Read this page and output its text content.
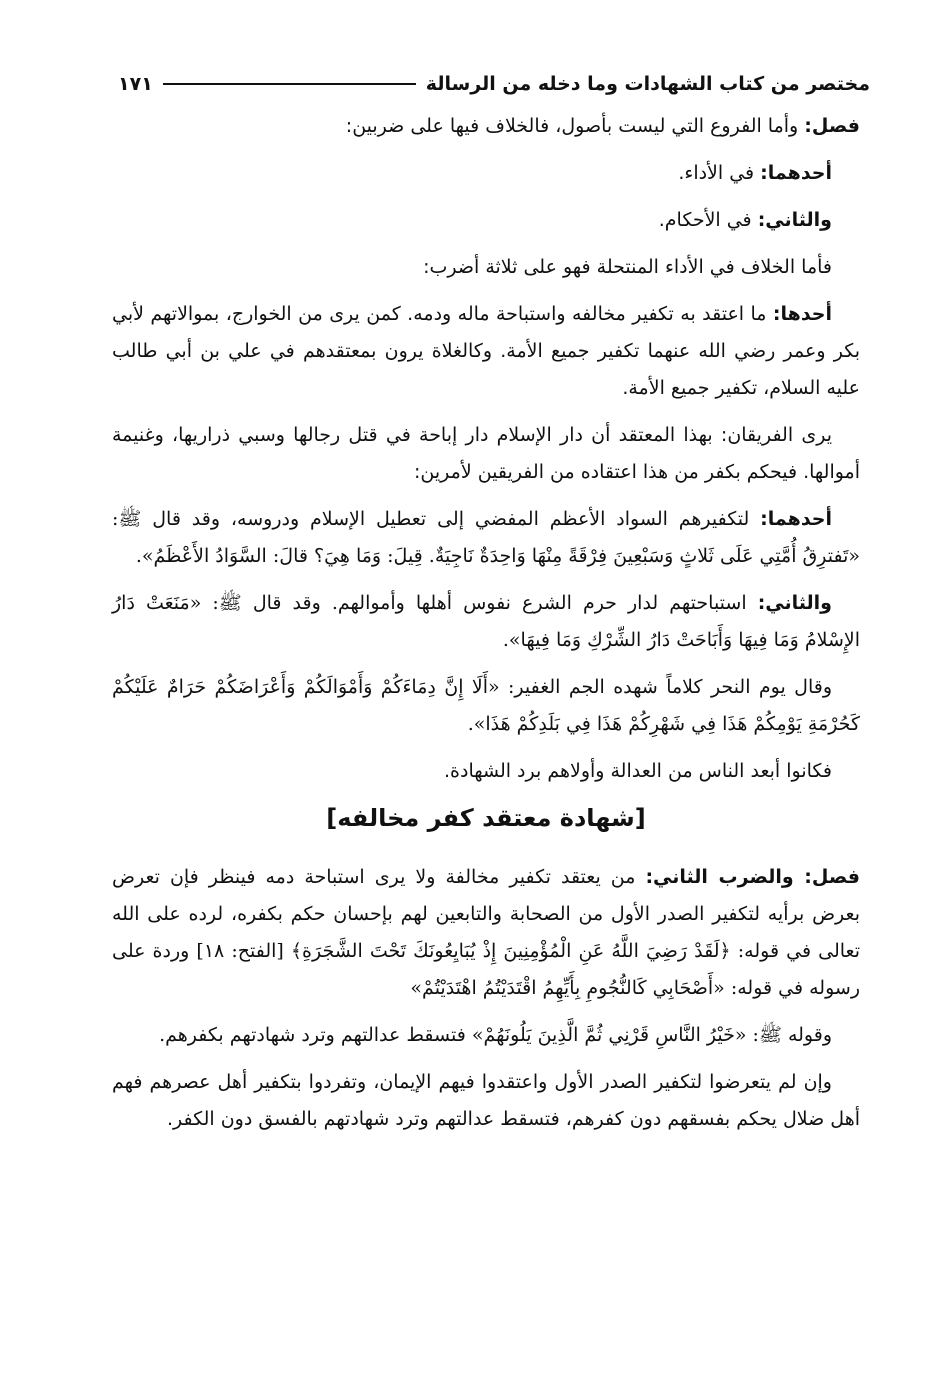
مختصر من كتاب الشهادات وما دخله من الرسالة
١٧١

فصل: وأما الفروع التي ليست بأصول، فالخلاف فيها على ضربين:

أحدهما: في الأداء.

والثاني: في الأحكام.

فأما الخلاف في الأداء المنتحلة فهو على ثلاثة أضرب:

أحدها: ما اعتقد به تكفير مخالفه واستباحة ماله ودمه. كمن يرى من الخوارج، بموالاتهم لأبي بكر وعمر رضي الله عنهما تكفير جميع الأمة. وكالغلاة يرون بمعتقدهم في علي بن أبي طالب عليه السلام، تكفير جميع الأمة.

يرى الفريقان: بهذا المعتقد أن دار الإسلام دار إباحة في قتل رجالها وسبي ذراريها، وغنيمة أموالها. فيحكم بكفر من هذا اعتقاده من الفريقين لأمرين:

أحدهما: لتكفيرهم السواد الأعظم المفضي إلى تعطيل الإسلام ودروسه، وقد قال ﷺ: «تَفترِقُ أُمَّتِي عَلَى ثَلاثٍ وَسَبْعِينَ فِرْقَةً مِنْهَا وَاحِدَةٌ نَاجِيَةٌ. قِيلَ: وَمَا هِيَ؟ قالَ: السَّوَادُ الأَعْظَمُ».

والثاني: استباحتهم لدار حرم الشرع نفوس أهلها وأموالهم. وقد قال ﷺ: «مَنَعَتْ دَارُ الإِسْلامُ وَمَا فِيهَا وَأَبَاحَتْ دَارُ الشِّرْكِ وَمَا فِيهَا».

وقال يوم النحر كلاماً شهده الجم الغفير: «أَلَا إِنَّ دِمَاءَكُمْ وَأَمْوَالَكُمْ وَأَعْرَاضَكُمْ حَرَامٌ عَلَيْكُمْ كَحُرْمَةِ يَوْمِكُمْ هَذَا فِي شَهْرِكُمْ هَذَا فِي بَلَدِكُمْ هَذَا».

فكانوا أبعد الناس من العدالة وأولاهم برد الشهادة.

[شهادة معتقد كفر مخالفه]

فصل: والضرب الثاني: من يعتقد تكفير مخالفة ولا يرى استباحة دمه فينظر فإن تعرض بعرض برأيه لتكفير الصدر الأول من الصحابة والتابعين لهم بإحسان حكم بكفره، لرده على الله تعالى في قوله: ﴿لَقَدْ رَضِيَ اللَّهُ عَنِ الْمُؤْمِنِينَ إِذْ يُبَايِعُونَكَ تَحْتَ الشَّجَرَةِ﴾ [الفتح: ١٨] وردة على رسوله في قوله: «أَصْحَابِي كَالنُّجُومِ بِأَيِّهِمُ اقْتَدَيْتُمُ اهْتَدَيْتُمْ»

وقوله ﷺ: «خَيْرُ النَّاسِ قَرْنِي ثُمَّ الَّذِينَ يَلُونَهُمْ» فتسقط عدالتهم وترد شهادتهم بكفرهم.

وإن لم يتعرضوا لتكفير الصدر الأول واعتقدوا فيهم الإيمان، وتفردوا بتكفير أهل عصرهم فهم أهل ضلال يحكم بفسقهم دون كفرهم، فتسقط عدالتهم وترد شهادتهم بالفسق دون الكفر.
